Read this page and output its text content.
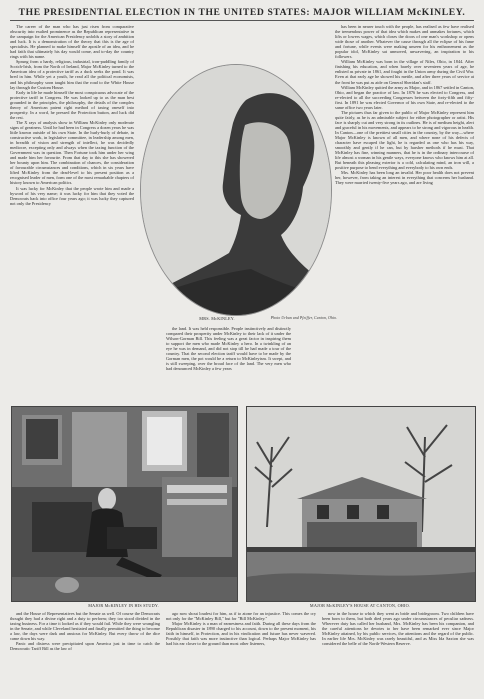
THE PRESIDENTIAL ELECTION IN THE UNITED STATES: MAJOR WILLIAM McKINLEY.

The career of the man who has just risen from comparative obscurity into exalted prominence as the Republican representative in the campaign for the American Presidency unfolds a story of ambition and luck. It is a demonstration of the theory that this is the age of specialists. He planned to make himself the apostle of an idea, and he had faith that ultimately his day would come, and to-day the country rings with his name.

Sprung from a hardy, religious, industrial, iron-puddling family of Scotch-Irish, from the North of Ireland, Major McKinley turned to the American idea of a protective tariff as a duck seeks the pond. It was bred in him. While yet a youth, he read all the political economists, and his philosophy soon taught him that the road to the White House lay through the Custom House.

Early in life he made himself the most conspicuous advocate of the protective tariff in Congress. He was looked up to as the man best grounded in the principles, the philosophy, the details of the complex theory of American patent right method of taxing oneself into prosperity. In a word, he pressed the Protection button, and luck did the rest.

The X rays of analysis show in William McKinley only moderate signs of greatness. Until he had been in Congress a dozen years he was little known outside of his own State. In the hurly-burly of debate, in constructive work, in legislative committee, in leadership among men, in breadth of vision and strength of intellect, he was decidedly mediocre, excepting only and always when the taxing function of the Government was in question. Then Fortune took him under her wing and made him her favourite. From that day to this she has showered her bounty upon him. The combination of chances, the consideration of favourable circumstances and conditions, which in six years have lifted McKinley from the dead-level to his present position as a recognised leader of men, form one of the most remarkable chapters of history known to American politics.

It was lucky for McKinley that the people wrote him and made a byword of his very name; it was lucky for him that they voted the Democrats back into office four years ago; it was lucky they captured not only the Presidency

MRS. McKINLEY.	Photo Urban and Pfeiffer, Canton, Ohio.

the land. It was held responsible. People instinctively and distinctly compared their prosperity under McKinley to their lack of it under the Wilson-Gorman Bill. This feeling was a great factor in inspiring them to support the men who made McKinley a hero. In a twinkling of an eye he was in demand, and did not stop till he had made a tour of the country. That the second election tariff would have to be made by the Gorman men, the pot would be a return to McKinleyism. It swept, and is still sweeping, over the broad face of the land. The very men who had denounced McKinley a few years

has been in nearer touch with the people, has realised as few have realised the tremendous power of that idea which makes and unmakes fortunes, which lifts or lowers wages, which closes the doors of one man's workshop or opens wide those of another. Whatever the cause through all the eclipse of his fame and fortune, while events were making unseen for his enthronement as the popular idol, McKinley sat unmoved, unwavering, an inspiration to his followers.

William McKinley was born in the village of Niles, Ohio, in 1844. After finishing his education, and when barely over seventeen years of age, he enlisted as private in 1861, and fought in the Union army during the Civil War. Even at that early age he showed his mettle, and after three years of service at the front he was put as aide on General Sheridan's staff.

William McKinley quitted the army as Major, and in 1867 settled in Canton, Ohio, and began the practice of law. In 1876 he was elected to Congress, and re-elected to all the succeeding Congresses between the forty-fifth and fifty-first. In 1891 he was elected Governor of his own State, and re-elected to the same office two years later.

The pictures thus far given to the public of Major McKinley represent him quite fairly, as he is an admirable subject for either photographer or artist. His face is sharply cut and very strong in its outlines. He is of medium height, alert and graceful in his movements, and appears to be strong and vigorous in health. In Canton—one of the prettiest small cities in the country, by the way—where Major McKinley is known of all men, and where none of his defects of character have escaped the light, he is regarded as one who has his way, smoothly and gently if he can, but by harsher methods if he must. That McKinley has fine, winning manners, that he is in the ordinary intercourse of life almost a woman in his gentle ways, everyone knows who knows him at all. But beneath this pleasing exterior is a cold, calculating mind, an iron will, a positive purpose to bend everything and everybody to his own ends.

Mrs. McKinley has been long an invalid. Her poor health does not prevent her, however, from taking an interest in everything that concerns her husband. They were married twenty-five years ago, and are living

MAJOR McKINLEY IN HIS STUDY.	MAJOR McKINLEY'S HOUSE AT CANTON, OHIO.

and the House of Representatives but the Senate as well. Of course the Democrats thought they had a divine right and a duty to perform; they too stood divided in the taxing business. For a time it looked as if they would fail. While they were wrangling in the Senate, and while Cleveland hesitated and finally permitted the thing to become a law, the days were dark and anxious for McKinley. But every throw of the dice came down his way.

Panic and distress were precipitated upon America just in time to catch the Democratic Tariff Bill as the law of

ago now shout loudest for him, as if to atone for an injustice. This comes the cry not only for the "McKinley Bill," but for "Bill McKinley."

Major McKinley is a man of earnestness and faith. During all these days from the Republican disaster in 1890 charged to his account, down to the present moment, his faith in himself, in Protection, and in his vindication and future has never wavered. Possibly that faith was more instinctive than logical. Perhaps Major McKinley has had his ear closer to the ground than most other listeners,

now in the house to which they went as bride and bridegroom. Two children have been born to them, but both died years ago under circumstances of peculiar sadness. Wherever duty has called her husband, Mrs. McKinley has been his companion, and the careful attentions he devotes to her have been remarked ever since Major McKinley attained, by his public services, the attentions and the regard of the public. In earlier life Mrs. McKinley was rarely beautiful, and as Miss Ida Saxton she was considered the belle of the North-Western Reserve.
